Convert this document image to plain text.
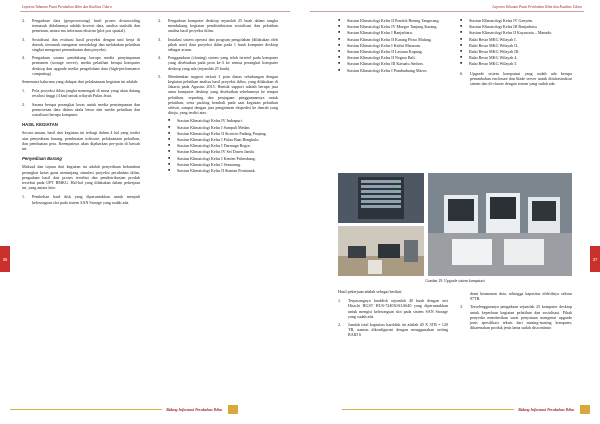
Laporan Tahunan Pusat Perubahan Iklim dan Kualitas Udara
36
2.	Pengadaan data (geoprocessing) hasil proses downscaling termasuk didalamnya adalah koversi data, analisa statistik dan pemetaan, antara ma informasi ekstrim (plot pos spasial).
3.	Sosialisasi dan evaluasi hasil proyeksi dengan unit kerja di daerah, termasuk mengenai metodologi dan melakukan pelatihan singkat mengenai pemanfaatan data proyeksi.
4.	Pengadaan sarana pendukung berupa media penyimpanan permanen (storage server), media pelatihan berupa komputer desktop dan upgrade media pengelolaan data (high-performance computing).

Semenatra kalurnan yang didapat dari pelaksanaan kegiatan ini adalah:

1.	Pola proyeksi iklim jangka menengah di masa yang akan datang resolusi tinggi (4 km) untuk wilayah Pulau Jawa.
2.	Sarana berupa perangkat keras untuk media penyimpanan dan pemrosesan data dalam skala besar dan media pelatihan dan sosialisasi berupa komputer.
HASIL KEGIATAN

Secara umum, hasil dari kegiatan ini terbagi dalam 4 hal yang terdiri atas penyediaan barang, pembuatan software, pelaksanaan pelatihan, dan pembuatan peta. Keempatnya akan dijabarkan per-poin di bawah ini:

Penyediaan Barang

Maksud dan tujuan dari kegiatan ini adalah penyediaan kebutuhan perangkat keras guna menunjang simulasi proyeksi perubahan iklim, pengadaan hasil dari proses tersebut dan pendistribusian produk tersebut pada UPT BMKG. Hal-hal yang dilakukan dalam pekerjaan ini, yang antara lain:

1.	Pembelian hard disk yang diperuntukkan untuk menjadi kelesongsan slot pada sistem SAN Storage yang sudah ada.
2.	Pengadaan komputer desktop sejumlah 25 buah dalam rangka mendukung kegiatan pendistribusian sosialisasi dan pelatihan analisa hasil proyeksi iklim.
3.	Instalasi sistem operasi dan program pengolahan (dilakukan oleh pihak user) data proyeksi iklim pada 1 buah komputer desktop sebagai acuan.
4.	Penggandaan (cloning) sistem yang telah tersetel pada komputer yang disebutkan pada poin ke-3 ke semua perangkat komputer desktop yang ada (sejumlah 25 buah).
5.	Membenkan support terkait 3 poin diatas sehubungan dengan kegiatan pelatihan analisa hasil proyeksi iklim, yang dilakukan di Jakarta pada Agustus 2015. Bentuk support adalah berupa jasa antar komputer desktop yang disebutkan sebelumnya ke tempat pelatihan, separting dan penjagaan penggunaannya untuk pelatihan, serta packing kembali pada saat kegiatan pelatihan selesai, sampai dengan jasa pengiriman ekspedisi ke daerah yang dituju, yang terdiri atas:
■	Stasiun Klimatologi Kelas IV Indrapuri.
■	Stasiun Klimatologi Kelas I Sampali Medan.
■	Stasiun Klimatologi Kelas II Sicincin Padang Panjang.
■	Stasiun Klimatologi Kelas I Pulau Baai Bengkulu.
■	Stasiun Klimatologi Kelas I Darmaga Bogor.
■	Stasiun Klimatologi Kelas IV Sei Duren Jambi.
■	Stasiun Klimatologi Kelas I Kenten Palembang.
■	Stasiun Klimatologi Kelas I Semarang.
■	Stasiun Klimatologi Kelas II Siantan Pontianak.
Bidang Informasi Perubahan Iklim
Laporan Tahunan Pusat Perubahan Iklim dan Kualitas Udara
37
■	Stasiun Klimatologi Kelas II Pondok Betung Tangerang.
■	Stasiun Klimatologi Kelas IV Maeger Tanjung Karang.
■	Stasiun Klimatologi Kelas I Banjarbaru.
■	Stasiun Klimatologi Kelas II Karang Ploso Malang.
■	Stasiun Klimatologi Kelas I Kediri Mataram.
■	Stasiun Klimatologi Kelas II Lasiana Kupang.
■	Stasiun Klimatologi Kelas II Negara Bali.
■	Stasiun Klimatologi Kelas III Karuatu Ambon.
■	Stasiun Klimatologi Kelas I Pambuduang Maros.
■	Stasiun Klimatologi Kelas IV Genyem.
■	Stasiun Klimatologi Kelas III Banjarbaru.
■	Stasiun Klimatologi Kelas II Kayuwatu – Manado.
■	Balai Besar MKG Wilayah I.
■	Balai Besar MKG Wilayah II.
■	Balai Besar MKG Wilayah III.
■	Balai Besar MKG Wilayah 4.
■	Balai Besar MKG Wilayah 5.
6.	Upgrade sistem komputasi yang sudah ada berupa penambahan enclosure dan blade server untuk diinfrastruktur sistem dan di-cluster dengan sistem yang sudah ada.
Gambar 29. Upgrade sistem komputasi

Hasil pekerjaan adalah sebagai berikut:

1.	Terpasangnya harddisk sejumlah 40 buah dengan seri Hitachi HGST HUS-724030ALS640 yang diperuntukkan untuk mengisi kelesongsan slot pada sistem SAN Storage yang sudah ada.
2.	Jumlah total kapasitas harddisk ini adalah 40 X 3TB = 120 TB, namun dikonfigurasi dengan menggunakan setting RAID 6
demi keamanan data, sehingga kapasitas efektifnya sekitar 97TB.
3.	Terselenggaranya pengadaan sejumlah 25 komputer desktop untuk keperluan kegiatan pelatihan dan sosialisasi. Pihak penyedia memberikan surat penyataan mengenai upgrade jenis spesifikasi teknis dari masing-masing komputer, dikarenakan produk jenis lama sudah discontinue.
Bidang Informasi Perubahan Iklim
